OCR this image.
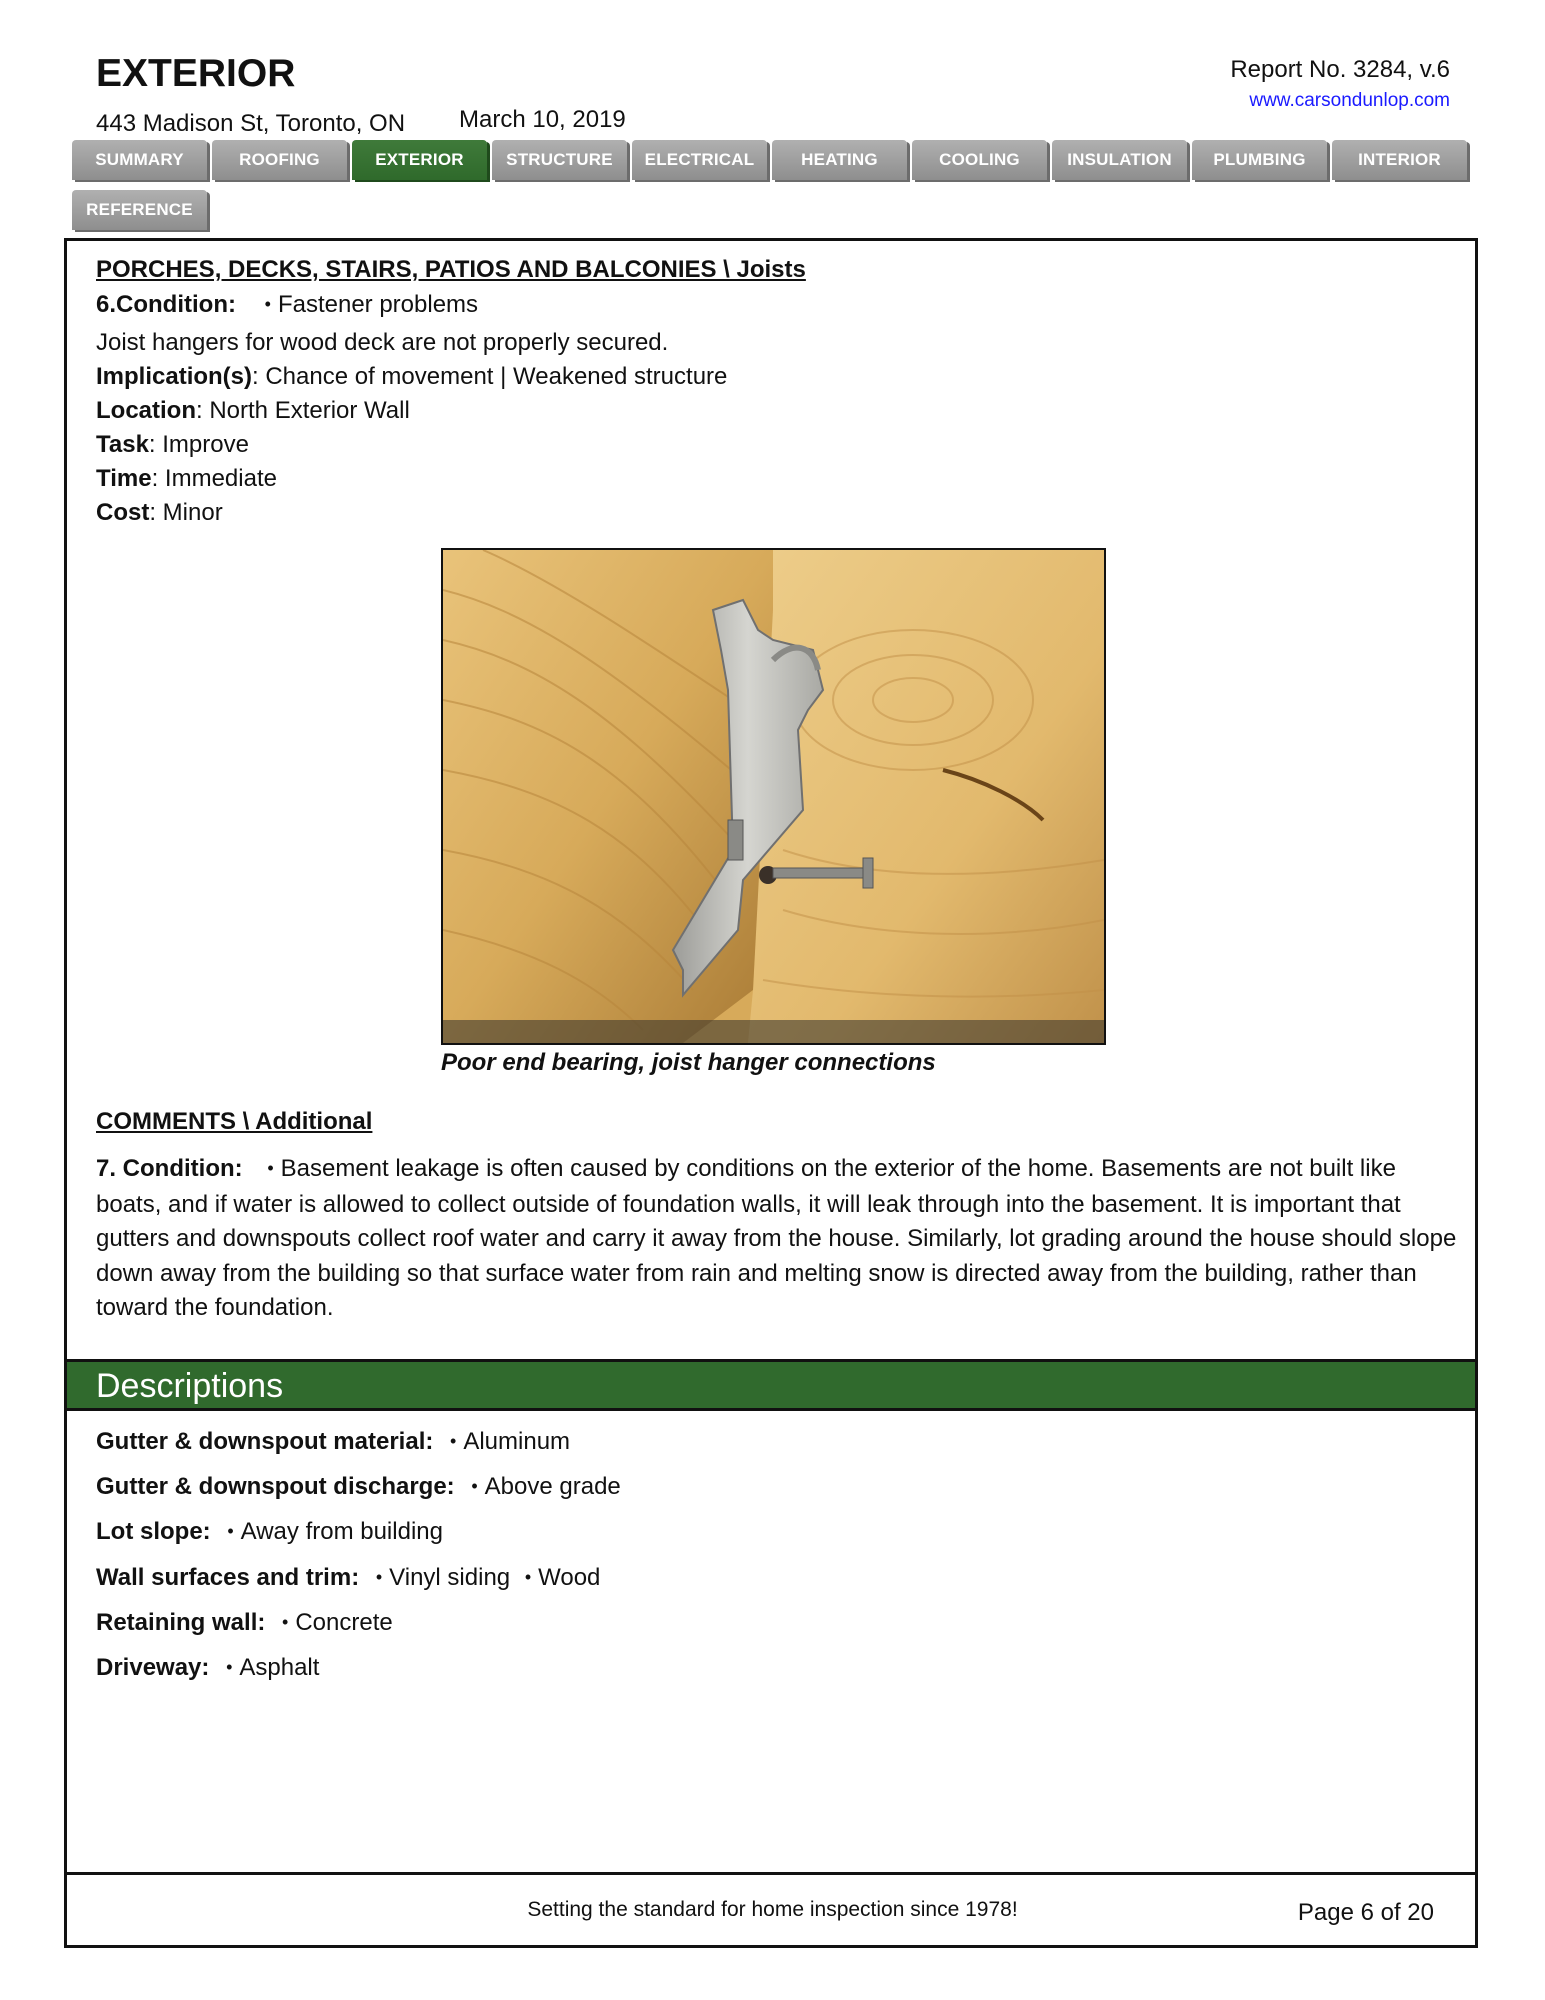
EXTERIOR
443 Madison St, Toronto, ON March 10, 2019
Report No. 3284, v.6
www.carsondunlop.com
SUMMARY	ROOFING	EXTERIOR	STRUCTURE	ELECTRICAL	HEATING	COOLING	INSULATION	PLUMBING	INTERIOR
REFERENCE
PORCHES, DECKS, STAIRS, PATIOS AND BALCONIES \ Joists
6.Condition: • Fastener problems
Joist hangers for wood deck are not properly secured.
Implication(s): Chance of movement | Weakened structure
Location: North Exterior Wall
Task: Improve
Time: Immediate
Cost: Minor
Poor end bearing, joist hanger connections
COMMENTS \ Additional
7. Condition: • Basement leakage is often caused by conditions on the exterior of the home. Basements are not built like boats, and if water is allowed to collect outside of foundation walls, it will leak through into the basement. It is important that gutters and downspouts collect roof water and carry it away from the house. Similarly, lot grading around the house should slope down away from the building so that surface water from rain and melting snow is directed away from the building, rather than toward the foundation.
Descriptions
Gutter & downspout material: • Aluminum
Gutter & downspout discharge: • Above grade
Lot slope: • Away from building
Wall surfaces and trim: • Vinyl siding • Wood
Retaining wall: • Concrete
Driveway: • Asphalt
Setting the standard for home inspection since 1978!	Page 6 of 20
